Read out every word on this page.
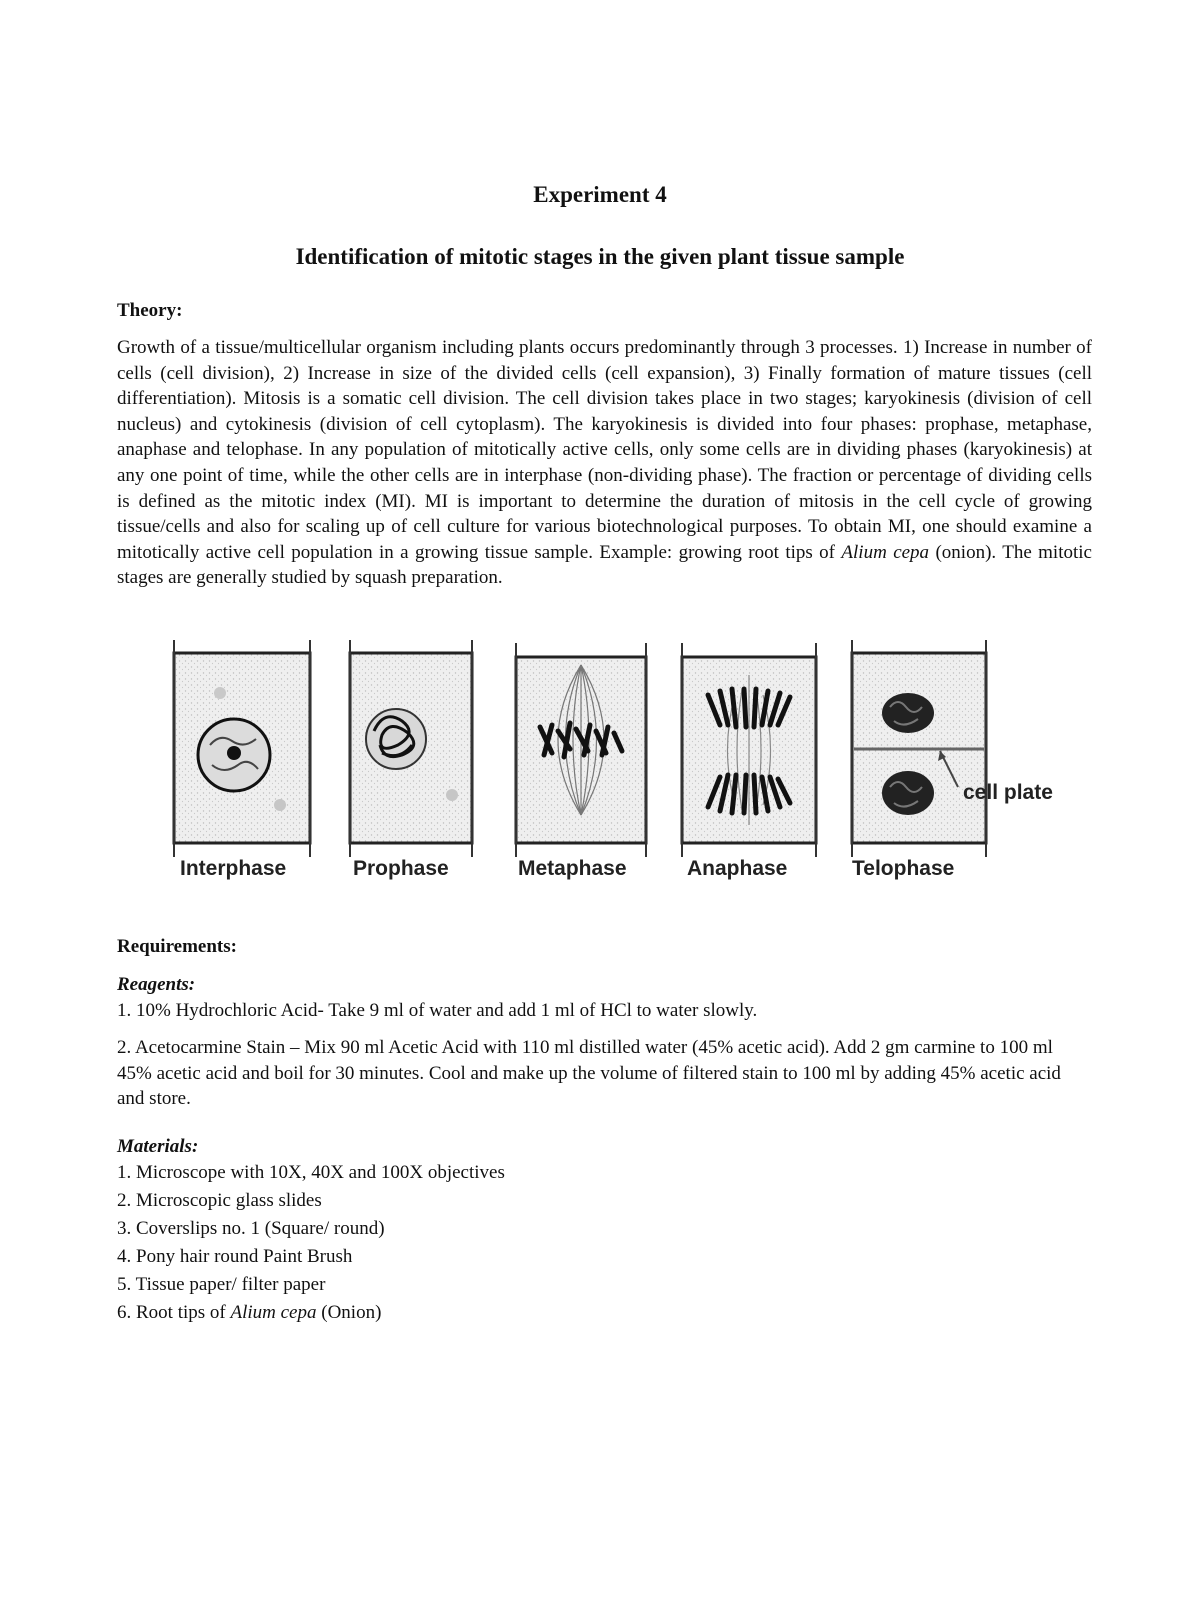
Experiment 4
Identification of mitotic stages in the given plant tissue sample
Theory:

Growth of a tissue/multicellular organism including plants occurs predominantly through 3 processes. 1) Increase in number of cells (cell division), 2) Increase in size of the divided cells (cell expansion), 3) Finally formation of mature tissues (cell differentiation). Mitosis is a somatic cell division. The cell division takes place in two stages; karyokinesis (division of cell nucleus) and cytokinesis (division of cell cytoplasm). The karyokinesis is divided into four phases: prophase, metaphase, anaphase and telophase. In any population of mitotically active cells, only some cells are in dividing phases (karyokinesis) at any one point of time, while the other cells are in interphase (non-dividing phase). The fraction or percentage of dividing cells is defined as the mitotic index (MI). MI is important to determine the duration of mitosis in the cell cycle of growing tissue/cells and also for scaling up of cell culture for various biotechnological purposes. To obtain MI, one should examine a mitotically active cell population in a growing tissue sample. Example: growing root tips of Alium cepa (onion). The mitotic stages are generally studied by squash preparation.

Interphase	Prophase	Metaphase	Anaphase	Telophase
cell plate
Requirements:
Reagents:

1. 10% Hydrochloric Acid- Take 9 ml of water and add 1 ml of HCl to water slowly.

2. Acetocarmine Stain – Mix 90 ml Acetic Acid with 110 ml distilled water (45% acetic acid). Add 2 gm carmine to 100 ml 45% acetic acid and boil for 30 minutes. Cool and make up the volume of filtered stain to 100 ml by adding 45% acetic acid and store.

Materials:

1. Microscope with 10X, 40X and 100X objectives

2. Microscopic glass slides

3. Coverslips no. 1 (Square/ round)

4. Pony hair round Paint Brush

5. Tissue paper/ filter paper

6. Root tips of Alium cepa (Onion)
